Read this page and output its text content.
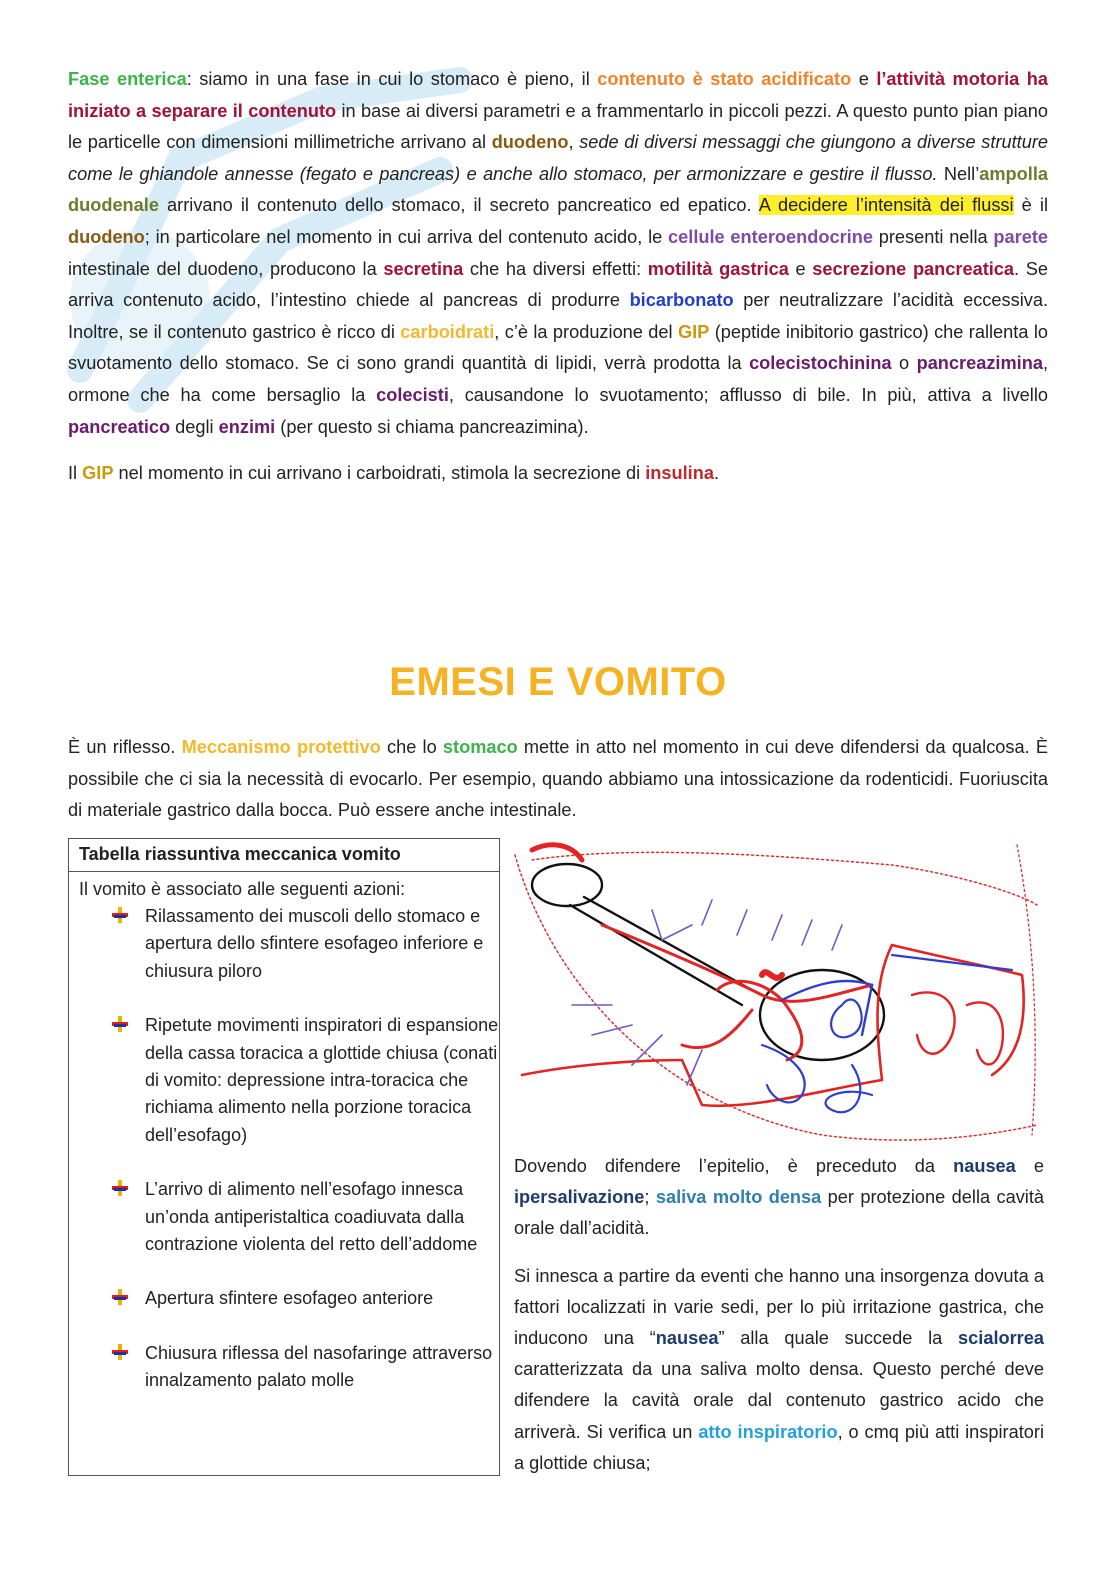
Fase enterica: siamo in una fase in cui lo stomaco è pieno, il contenuto è stato acidificato e l’attività motoria ha iniziato a separare il contenuto in base ai diversi parametri e a frammentarlo in piccoli pezzi. A questo punto pian piano le particelle con dimensioni millimetriche arrivano al duodeno, sede di diversi messaggi che giungono a diverse strutture come le ghiandole annesse (fegato e pancreas) e anche allo stomaco, per armonizzare e gestire il flusso. Nell’ampolla duodenale arrivano il contenuto dello stomaco, il secreto pancreatico ed epatico. A decidere l’intensità dei flussi è il duodeno; in particolare nel momento in cui arriva del contenuto acido, le cellule enteroendocrine presenti nella parete intestinale del duodeno, producono la secretina che ha diversi effetti: motilità gastrica e secrezione pancreatica. Se arriva contenuto acido, l’intestino chiede al pancreas di produrre bicarbonato per neutralizzare l’acidità eccessiva. Inoltre, se il contenuto gastrico è ricco di carboidrati, c’è la produzione del GIP (peptide inibitorio gastrico) che rallenta lo svuotamento dello stomaco. Se ci sono grandi quantità di lipidi, verrà prodotta la colecistochinina o pancreazimina, ormone che ha come bersaglio la colecisti, causandone lo svuotamento; afflusso di bile. In più, attiva a livello pancreatico degli enzimi (per questo si chiama pancreazimina).

Il GIP nel momento in cui arrivano i carboidrati, stimola la secrezione di insulina.

EMESI E VOMITO

È un riflesso. Meccanismo protettivo che lo stomaco mette in atto nel momento in cui deve difendersi da qualcosa. È possibile che ci sia la necessità di evocarlo. Per esempio, quando abbiamo una intossicazione da rodenticidi. Fuoriuscita di materiale gastrico dalla bocca. Può essere anche intestinale.

Tabella riassuntiva meccanica vomito
Il vomito è associato alle seguenti azioni:
Rilassamento dei muscoli dello stomaco e apertura dello sfintere esofageo inferiore e chiusura piloro
Ripetute movimenti inspiratori di espansione della cassa toracica a glottide chiusa (conati di vomito: depressione intra-toracica che richiama alimento nella porzione toracica dell’esofago)
L’arrivo di alimento nell’esofago innesca un’onda antiperistaltica coadiuvata dalla contrazione violenta del retto dell’addome
Apertura sfintere esofageo anteriore
Chiusura riflessa del nasofaringe attraverso innalzamento palato molle

Dovendo difendere l’epitelio, è preceduto da nausea e ipersalivazione; saliva molto densa per protezione della cavità orale dall’acidità.

Si innesca a partire da eventi che hanno una insorgenza dovuta a fattori localizzati in varie sedi, per lo più irritazione gastrica, che inducono una “nausea” alla quale succede la scialorrea caratterizzata da una saliva molto densa. Questo perché deve difendere la cavità orale dal contenuto gastrico acido che arriverà. Si verifica un atto inspiratorio, o cmq più atti inspiratori a glottide chiusa;
